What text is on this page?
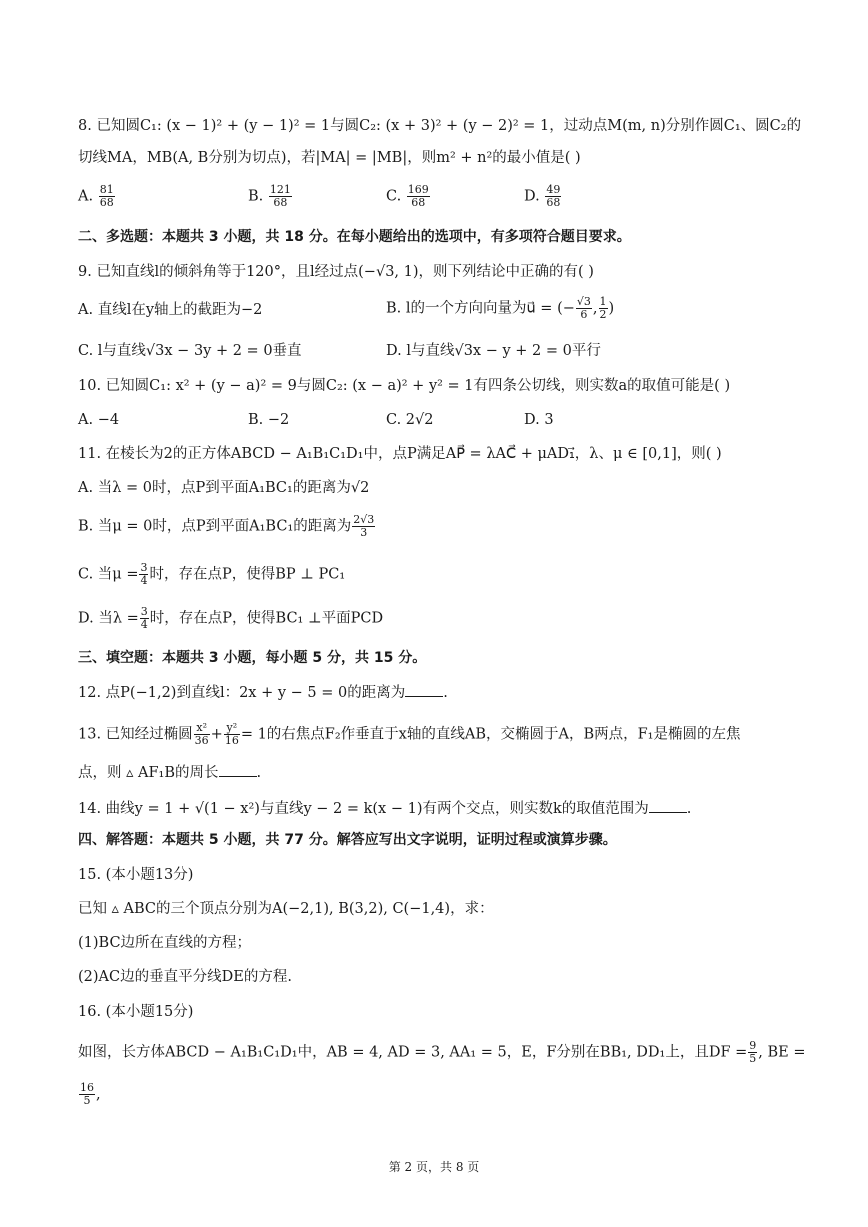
8. 已知圆C₁: (x − 1)² + (y − 1)² = 1与圆C₂: (x + 3)² + (y − 2)² = 1，过动点M(m, n)分别作圆C₁、圆C₂的
切线MA，MB(A, B分别为切点)，若|MA| = |MB|，则m² + n²的最小值是( )
A. $\frac{81}{68}$	B. $\frac{121}{68}$	C. $\frac{169}{68}$	D. $\frac{49}{68}$
二、多选题：本题共 3 小题，共 18 分。在每小题给出的选项中，有多项符合题目要求。
9. 已知直线l的倾斜角等于120°，且l经过点(−√3, 1)，则下列结论中正确的有( )
A. 直线l在y轴上的截距为−2	B. l的一个方向向量为u⃗ = (− $\frac{√3}{6}$ , $\frac{1}{2}$ )
C. l与直线√3x − 3y + 2 = 0垂直	D. l与直线√3x − y + 2 = 0平行
10. 已知圆C₁: x² + (y − a)² = 9与圆C₂: (x − a)² + y² = 1有四条公切线，则实数a的取值可能是( )
A. −4	B. −2	C. 2√2	D. 3
11. 在棱长为2的正方体ABCD − A₁B₁C₁D₁中，点P满足AP⃗ = λAC⃗ + μAD₁⃗，λ、μ ∈ [0,1]，则( )
A. 当λ = 0时，点P到平面A₁BC₁的距离为√2
B. 当μ = 0时，点P到平面A₁BC₁的距离为 $\frac{2√3}{3}$
C. 当$\mu = \frac{3}{4}$ 时，存在点P，使得BP ⊥ PC₁
D. 当$\lambda = \frac{3}{4}$ 时，存在点P，使得BC₁ ⊥平面PCD
三、填空题：本题共 3 小题，每小题 5 分，共 15 分。
12. 点P(−1,2)到直线l：2x + y − 5 = 0的距离为	.
13. 已知经过椭圆 $\frac{\text{x²}}{36} + \frac{\text{y²}}{16} = 1$的右焦点F₂作垂直于x轴的直线AB，交椭圆于A，B两点，F₁是椭圆的左焦
点，则 ▵ AF₁B的周长	.
14. 曲线y = 1 + √(1 − x²)与直线y − 2 = k(x − 1)有两个交点，则实数k的取值范围为	.
四、解答题：本题共 5 小题，共 77 分。解答应写出文字说明，证明过程或演算步骤。
15. (本小题13分)
已知 ▵ ABC的三个顶点分别为A(−2,1), B(3,2), C(−1,4)，求：
(1)BC边所在直线的方程；
(2)AC边的垂直平分线DE的方程.
16. (本小题15分)
如图，长方体ABCD − A₁B₁C₁D₁中，AB = 4, AD = 3, AA₁ = 5，E，F分别在BB₁, DD₁上，且DF = $\frac{9}{5}$ , BE =
$\frac{16}{5}$ ,
第 2 页，共 8 页
